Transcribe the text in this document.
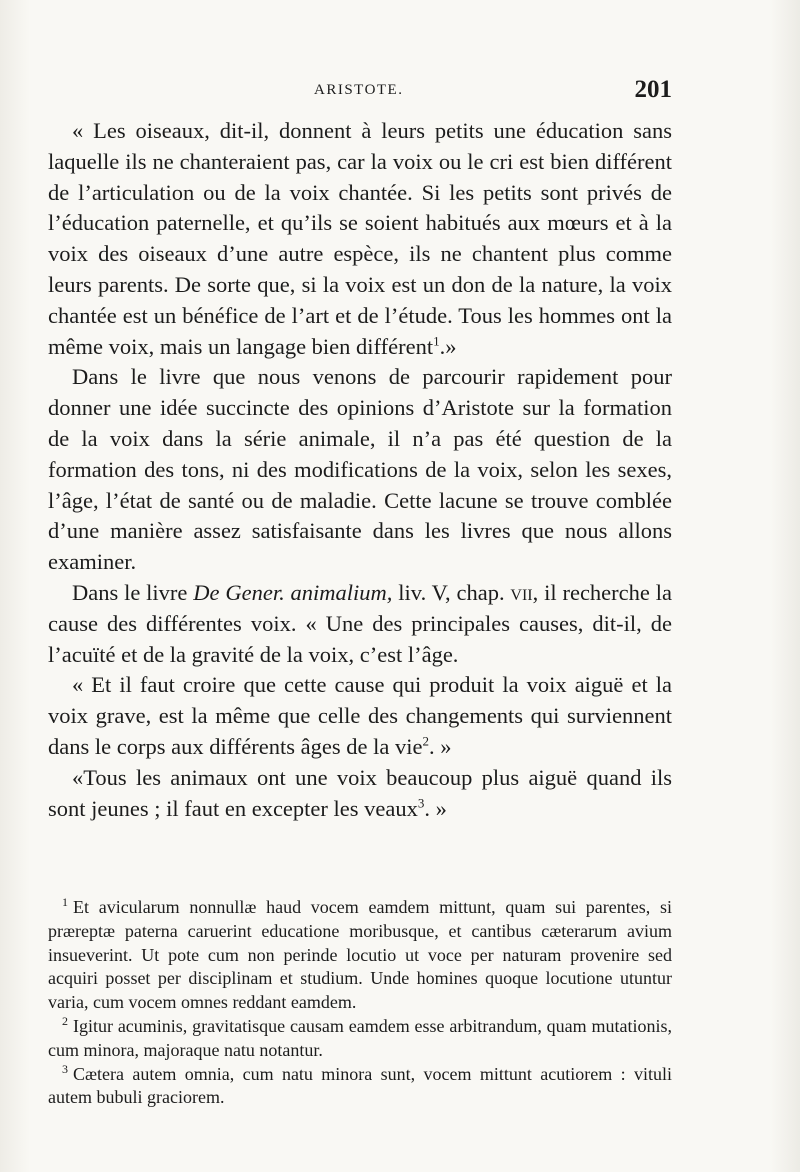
ARISTOTE.	201

« Les oiseaux, dit-il, donnent à leurs petits une éducation sans laquelle ils ne chanteraient pas, car la voix ou le cri est bien différent de l’articulation ou de la voix chantée. Si les petits sont privés de l’éducation paternelle, et qu’ils se soient habitués aux mœurs et à la voix des oiseaux d’une autre espèce, ils ne chantent plus comme leurs parents. De sorte que, si la voix est un don de la nature, la voix chantée est un bénéfice de l’art et de l’étude. Tous les hommes ont la même voix, mais un langage bien différent$^1$.»

Dans le livre que nous venons de parcourir rapidement pour donner une idée succincte des opinions d’Aristote sur la formation de la voix dans la série animale, il n’a pas été question de la formation des tons, ni des modifications de la voix, selon les sexes, l’âge, l’état de santé ou de maladie. Cette lacune se trouve comblée d’une manière assez satisfaisante dans les livres que nous allons examiner.

Dans le livre De Gener. animalium, liv. V, chap. vii, il recherche la cause des différentes voix. « Une des principales causes, dit-il, de l’acuïté et de la gravité de la voix, c’est l’âge.

« Et il faut croire que cette cause qui produit la voix aiguë et la voix grave, est la même que celle des changements qui surviennent dans le corps aux différents âges de la vie$^2$. »

«Tous les animaux ont une voix beaucoup plus aiguë quand ils sont jeunes ; il faut en excepter les veaux$^3$. »

$^1$ Et avicularum nonnullæ haud vocem eamdem mittunt, quam sui parentes, si præreptæ paterna caruerint educatione moribusque, et cantibus cæterarum avium insueverint. Ut pote cum non perinde locutio ut voce per naturam provenire sed acquiri posset per disciplinam et studium. Unde homines quoque locutione utuntur varia, cum vocem omnes reddant eamdem.

$^2$ Igitur acuminis, gravitatisque causam eamdem esse arbitrandum, quam mutationis, cum minora, majoraque natu notantur.

$^3$ Cætera autem omnia, cum natu minora sunt, vocem mittunt acutiorem : vituli autem bubuli graciorem.
